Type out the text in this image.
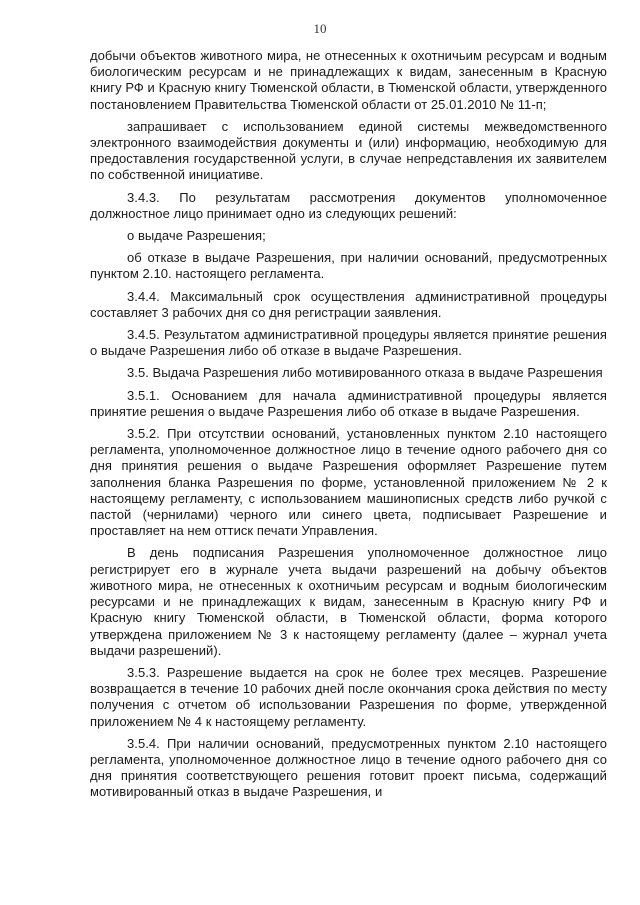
10

добычи объектов животного мира, не отнесенных к охотничьим ресурсам и водным биологическим ресурсам и не принадлежащих к видам, занесенным в Красную книгу РФ и Красную книгу Тюменской области, в Тюменской области, утвержденного постановлением Правительства Тюменской области от 25.01.2010 № 11-п;

запрашивает с использованием единой системы межведомственного электронного взаимодействия документы и (или) информацию, необходимую для предоставления государственной услуги, в случае непредставления их заявителем по собственной инициативе.

3.4.3. По результатам рассмотрения документов уполномоченное должностное лицо принимает одно из следующих решений:

о выдаче Разрешения;

об отказе в выдаче Разрешения, при наличии оснований, предусмотренных пунктом 2.10. настоящего регламента.

3.4.4. Максимальный срок осуществления административной процедуры составляет 3 рабочих дня со дня регистрации заявления.

3.4.5. Результатом административной процедуры является принятие решения о выдаче Разрешения либо об отказе в выдаче Разрешения.

3.5. Выдача Разрешения либо мотивированного отказа в выдаче Разрешения

3.5.1. Основанием для начала административной процедуры является принятие решения о выдаче Разрешения либо об отказе в выдаче Разрешения.

3.5.2. При отсутствии оснований, установленных пунктом 2.10 настоящего регламента, уполномоченное должностное лицо в течение одного рабочего дня со дня принятия решения о выдаче Разрешения оформляет Разрешение путем заполнения бланка Разрешения по форме, установленной приложением № 2 к настоящему регламенту, с использованием машинописных средств либо ручкой с пастой (чернилами) черного или синего цвета, подписывает Разрешение и проставляет на нем оттиск печати Управления.

В день подписания Разрешения уполномоченное должностное лицо регистрирует его в журнале учета выдачи разрешений на добычу объектов животного мира, не отнесенных к охотничьим ресурсам и водным биологическим ресурсами и не принадлежащих к видам, занесенным в Красную книгу РФ и Красную книгу Тюменской области, в Тюменской области, форма которого утверждена приложением № 3 к настоящему регламенту (далее – журнал учета выдачи разрешений).

3.5.3. Разрешение выдается на срок не более трех месяцев. Разрешение возвращается в течение 10 рабочих дней после окончания срока действия по месту получения с отчетом об использовании Разрешения по форме, утвержденной приложением № 4 к настоящему регламенту.

3.5.4. При наличии оснований, предусмотренных пунктом 2.10 настоящего регламента, уполномоченное должностное лицо в течение одного рабочего дня со дня принятия соответствующего решения готовит проект письма, содержащий мотивированный отказ в выдаче Разрешения, и
